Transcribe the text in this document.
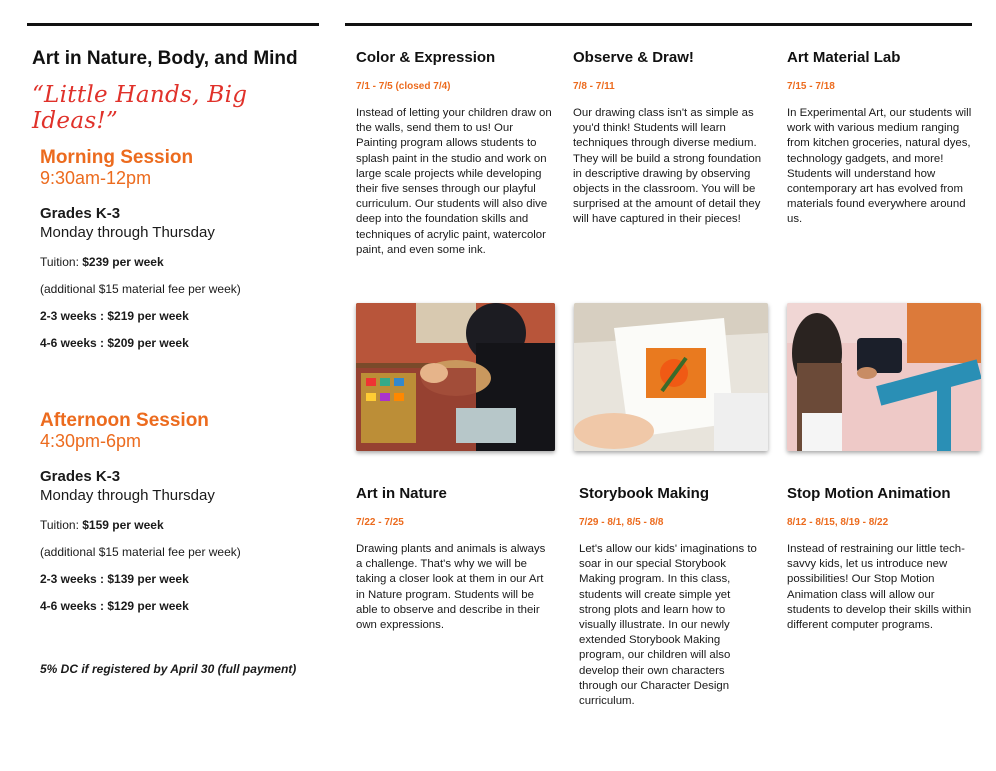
Art in Nature, Body, and Mind
“Little Hands, Big Ideas!”
Morning Session
9:30am-12pm
Grades K-3
Monday through Thursday
Tuition: $239 per week
(additional $15 material fee per week)
2-3 weeks : $219 per week
4-6 weeks : $209 per week
Afternoon Session
4:30pm-6pm
Grades K-3
Monday through Thursday
Tuition: $159 per week
(additional $15 material fee per week)
2-3 weeks : $139 per week
4-6 weeks : $129 per week
5% DC if registered by April 30 (full payment)
Color & Expression
7/1 - 7/5 (closed 7/4)
Instead of letting your children draw on the walls, send them to us! Our Painting program allows students to splash paint in the studio and work on large scale projects while developing their five senses through our playful curriculum. Our students will also dive deep into the foundation skills and techniques of acrylic paint, watercolor paint, and even some ink.
Observe & Draw!
7/8 - 7/11
Our drawing class isn't as simple as you'd think! Students will learn techniques through diverse medium. They will be build a strong foundation in descriptive drawing by observing objects in the classroom. You will be surprised at the amount of detail they will have captured in their pieces!
Art Material Lab
7/15 - 7/18
In Experimental Art, our students will work with various medium ranging from kitchen groceries, natural dyes, technology gadgets, and more! Students will understand how contemporary art has evolved from materials found everywhere around us.
Art in Nature
7/22 - 7/25
Drawing plants and animals is always a challenge. That's why we will be taking a closer look at them in our Art in Nature program. Students will be able to observe and describe in their own expressions.
Storybook Making
7/29 - 8/1, 8/5 - 8/8
Let's allow our kids' imaginations to soar in our special Storybook Making program. In this class, students will create simple yet strong plots and learn how to visually illustrate. In our newly extended Storybook Making program, our children will also develop their own characters through our Character Design curriculum.
Stop Motion Animation
8/12 - 8/15, 8/19 - 8/22
Instead of restraining our little tech-savvy kids, let us introduce new possibilities! Our Stop Motion Animation class will allow our students to develop their skills within different computer programs.
